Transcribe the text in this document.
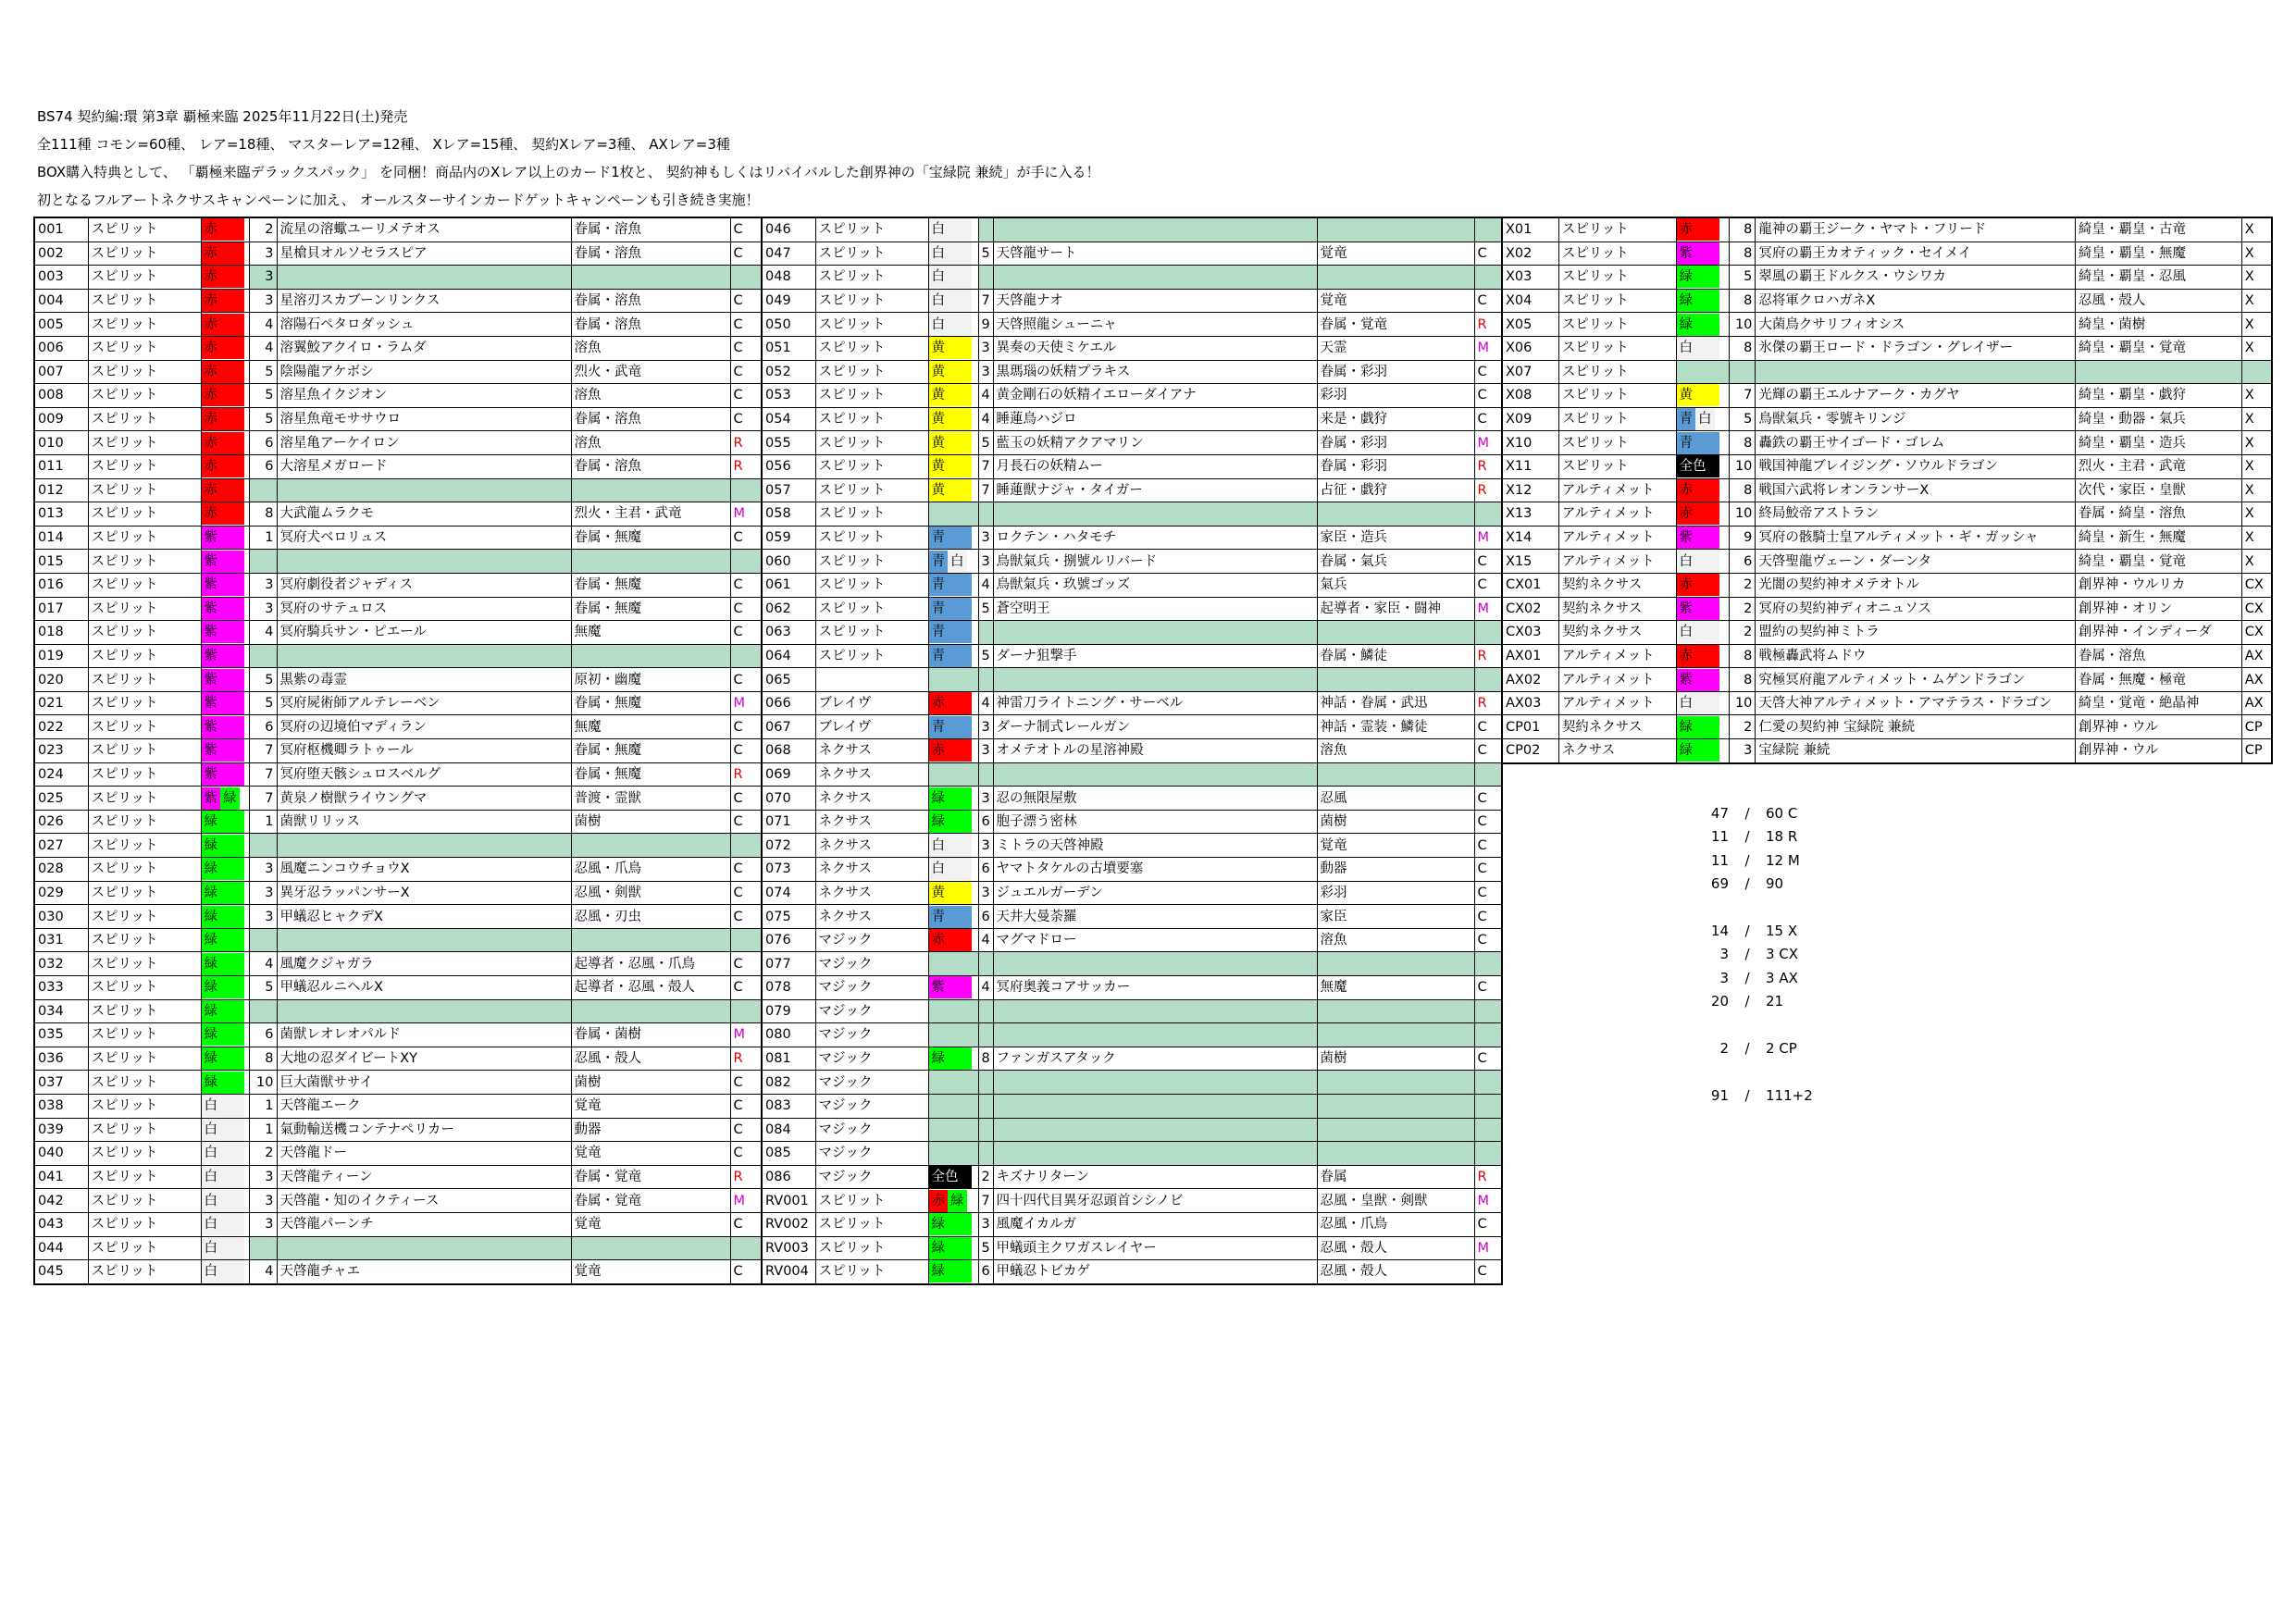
BS74 契約編:環 第3章 覇極来臨 2025年11月22日(土)発売
全111種 コモン=60種、 レア=18種、 マスターレア=12種、 Xレア=15種、 契約Xレア=3種、 AXレア=3種
BOX購入特典として、 「覇極来臨デラックスパック」 を同梱！商品内のXレア以上のカード1枚と、 契約神もしくはリバイバルした創界神の「宝緑院 兼続」が手に入る！
初となるフルアートネクサスキャンペーンに加え、 オールスターサインカードゲットキャンペーンも引き続き実施！
001	スピリット	赤	2	流星の溶蠍ユーリメテオス	眷属・溶魚	C
002	スピリット	赤	3	星槍貝オルソセラスピア	眷属・溶魚	C
003	スピリット	赤	3			
004	スピリット	赤	3	星溶刃スカブーンリンクス	眷属・溶魚	C
005	スピリット	赤	4	溶陽石ペタロダッシュ	眷属・溶魚	C
006	スピリット	赤	4	溶翼鮫アクイロ・ラムダ	溶魚	C
007	スピリット	赤	5	陰陽龍アケボシ	烈火・武竜	C
008	スピリット	赤	5	溶星魚イクジオン	溶魚	C
009	スピリット	赤	5	溶星魚竜モササウロ	眷属・溶魚	C
010	スピリット	赤	6	溶星亀アーケイロン	溶魚	R
011	スピリット	赤	6	大溶星メガロード	眷属・溶魚	R
012	スピリット	赤				

013	スピリット	赤	8	大武龍ムラクモ	烈火・主君・武竜	M
014	スピリット	紫	1	冥府犬ベロリュス	眷属・無魔	C
015	スピリット	紫				

016	スピリット	紫	3	冥府劇役者ジャディス	眷属・無魔	C
017	スピリット	紫	3	冥府のサテュロス	眷属・無魔	C
018	スピリット	紫	4	冥府騎兵サン・ピエール	無魔	C
019	スピリット	紫				

020	スピリット	紫	5	黒紫の毒霊	原初・幽魔	C
021	スピリット	紫	5	冥府屍術師アルテレーベン	眷属・無魔	M
022	スピリット	紫	6	冥府の辺境伯マディラン	無魔	C
023	スピリット	紫	7	冥府枢機卿ラトゥール	眷属・無魔	C
024	スピリット	紫	7	冥府堕天骸シュロスベルグ	眷属・無魔	R
025	スピリット	紫 緑	7	黄泉ノ樹獣ライウングマ	普渡・霊獣	C
026	スピリット	緑	1	菌獣リリッス	菌樹	C
027	スピリット	緑				

028	スピリット	緑	3	風魔ニンコウチョウX	忍風・爪鳥	C
029	スピリット	緑	3	異牙忍ラッパンサーX	忍風・剣獣	C
030	スピリット	緑	3	甲蟻忍ヒャクデX	忍風・刃虫	C
031	スピリット	緑				

032	スピリット	緑	4	風魔クジャガラ	起導者・忍風・爪鳥	C
033	スピリット	緑	5	甲蟻忍ルニヘルX	起導者・忍風・殻人	C
034	スピリット	緑				

035	スピリット	緑	6	菌獣レオレオパルド	眷属・菌樹	M
036	スピリット	緑	8	大地の忍ダイビートXY	忍風・殻人	R
037	スピリット	緑	10	巨大菌獣ササイ	菌樹	C
038	スピリット	白	1	天啓龍エーク	覚竜	C
039	スピリット	白	1	氣動輸送機コンテナペリカー	動器	C
040	スピリット	白	2	天啓龍ドー	覚竜	C
041	スピリット	白	3	天啓龍ティーン	眷属・覚竜	R
042	スピリット	白	3	天啓龍・知のイクティース	眷属・覚竜	M
043	スピリット	白	3	天啓龍パーンチ	覚竜	C
044	スピリット	白				

045	スピリット	白	4	天啓龍チャエ	覚竜	C
046	スピリット	白				

047	スピリット	白	5	天啓龍サート	覚竜	C
048	スピリット	白				

049	スピリット	白	7	天啓龍ナオ	覚竜	C
050	スピリット	白	9	天啓照龍シューニャ	眷属・覚竜	R
051	スピリット	黄	3	異奏の天使ミケエル	天霊	M
052	スピリット	黄	3	黒瑪瑙の妖精プラキス	眷属・彩羽	C
053	スピリット	黄	4	黄金剛石の妖精イエローダイアナ	彩羽	C
054	スピリット	黄	4	睡蓮鳥ハジロ	来是・戯狩	C
055	スピリット	黄	5	藍玉の妖精アクアマリン	眷属・彩羽	M
056	スピリット	黄	7	月長石の妖精ムー	眷属・彩羽	R
057	スピリット	黄	7	睡蓮獣ナジャ・タイガー	占征・戯狩	R
058	スピリット					
059	スピリット	青	3	ロクテン・ハタモチ	家臣・造兵	M
060	スピリット	青 白	3	鳥獣氣兵・捌號ルリバード	眷属・氣兵	C
061	スピリット	青	4	鳥獣氣兵・玖號ゴッズ	氣兵	C
062	スピリット	青	5	蒼空明王	起導者・家臣・闘神	M
063	スピリット	青				

064	スピリット	青	5	ダーナ狙撃手	眷属・鱗徒	R
065						
066	ブレイヴ	赤	4	神雷刀ライトニング・サーベル	神話・眷属・武迅	R
067	ブレイヴ	青	3	ダーナ制式レールガン	神話・霊装・鱗徒	C
068	ネクサス	赤	3	オメテオトルの星溶神殿	溶魚	C
069	ネクサス					
070	ネクサス	緑	3	忍の無限屋敷	忍風	C
071	ネクサス	緑	6	胞子漂う密林	菌樹	C
072	ネクサス	白	3	ミトラの天啓神殿	覚竜	C
073	ネクサス	白	6	ヤマトタケルの古墳要塞	動器	C
074	ネクサス	黄	3	ジュエルガーデン	彩羽	C
075	ネクサス	青	6	天井大曼荼羅	家臣	C
076	マジック	赤	4	マグマドロー	溶魚	C
077	マジック					
078	マジック	紫	4	冥府奥義コアサッカー	無魔	C
079	マジック					
080	マジック					
081	マジック	緑	8	ファンガスアタック	菌樹	C
082	マジック					
083	マジック					
084	マジック					
085	マジック					
086	マジック	全色	2	キズナリターン	眷属	R
RV001	スピリット	赤 緑	7	四十四代目異牙忍頭首シシノビ	忍風・皇獣・剣獣	M
RV002	スピリット	緑	3	風魔イカルガ	忍風・爪鳥	C
RV003	スピリット	緑	5	甲蟻頭主クワガスレイヤー	忍風・殻人	M
RV004	スピリット	緑	6	甲蟻忍トビカゲ	忍風・殻人	C
X01	スピリット	赤	8	龍神の覇王ジーク・ヤマト・フリード	綺皇・覇皇・古竜	X
X02	スピリット	紫	8	冥府の覇王カオティック・セイメイ	綺皇・覇皇・無魔	X
X03	スピリット	緑	5	翠風の覇王ドルクス・ウシワカ	綺皇・覇皇・忍風	X
X04	スピリット	緑	8	忍将軍クロハガネX	忍風・殻人	X
X05	スピリット	緑	10	大菌鳥クサリフィオシス	綺皇・菌樹	X
X06	スピリット	白	8	氷傑の覇王ロード・ドラゴン・グレイザー	綺皇・覇皇・覚竜	X
X07	スピリット					
X08	スピリット	黄	7	光輝の覇王エルナアーク・カグヤ	綺皇・覇皇・戯狩	X
X09	スピリット	青 白	5	鳥獣氣兵・零號キリンジ	綺皇・動器・氣兵	X
X10	スピリット	青	8	轟鉄の覇王サイゴード・ゴレム	綺皇・覇皇・造兵	X
X11	スピリット	全色	10	戦国神龍ブレイジング・ソウルドラゴン	烈火・主君・武竜	X
X12	アルティメット	赤	8	戦国六武将レオンランサーX	次代・家臣・皇獣	X
X13	アルティメット	赤	10	終局鮫帝アストラン	眷属・綺皇・溶魚	X
X14	アルティメット	紫	9	冥府の骸騎士皇アルティメット・ギ・ガッシャ	綺皇・新生・無魔	X
X15	アルティメット	白	6	天啓聖龍ヴェーン・ダーンタ	綺皇・覇皇・覚竜	X
CX01	契約ネクサス	赤	2	光闇の契約神オメテオトル	創界神・ウルリカ	CX
CX02	契約ネクサス	紫	2	冥府の契約神ディオニュソス	創界神・オリン	CX
CX03	契約ネクサス	白	2	盟約の契約神ミトラ	創界神・インディーダ	CX
AX01	アルティメット	赤	8	戦極轟武将ムドウ	眷属・溶魚	AX
AX02	アルティメット	紫	8	究極冥府龍アルティメット・ムゲンドラゴン	眷属・無魔・極竜	AX
AX03	アルティメット	白	10	天啓大神アルティメット・アマテラス・ドラゴン	綺皇・覚竜・絶晶神	AX
CP01	契約ネクサス	緑	2	仁愛の契約神 宝緑院 兼続	創界神・ウル	CP
CP02	ネクサス	緑	3	宝緑院 兼続	創界神・ウル	CP
47 / 60 C
11 / 18 R
11 / 12 M
69 / 90
14 / 15 X
3 / 3 CX
3 / 3 AX
20 / 21
2 / 2 CP
91 / 111+2
